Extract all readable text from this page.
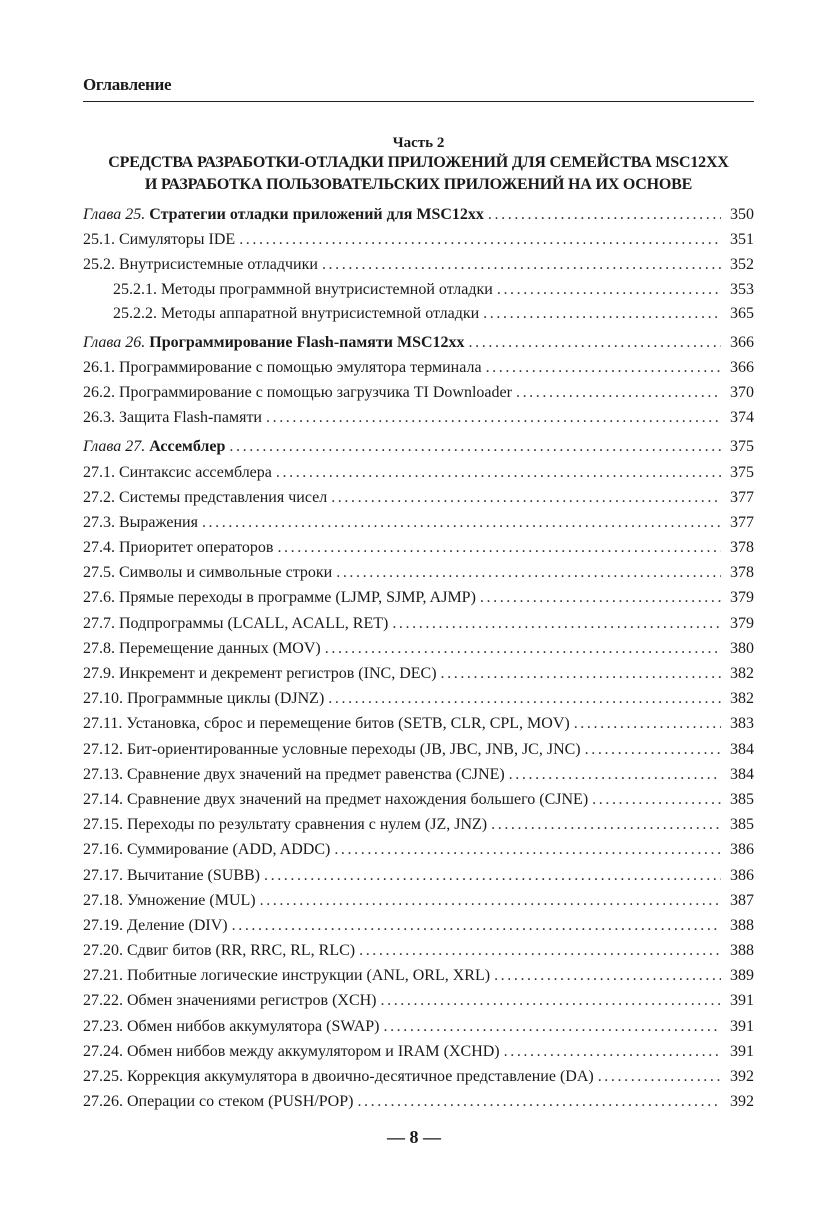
Оглавление
Часть 2
СРЕДСТВА РАЗРАБОТКИ-ОТЛАДКИ ПРИЛОЖЕНИЙ ДЛЯ СЕМЕЙСТВА MSC12XX
И РАЗРАБОТКА ПОЛЬЗОВАТЕЛЬСКИХ ПРИЛОЖЕНИЙ НА ИХ ОСНОВЕ
Глава 25. Стратегии отладки приложений для MSC12xx .....	350
25.1. Симуляторы IDE .....	351
25.2. Внутрисистемные отладчики .....	352
25.2.1. Методы программной внутрисистемной отладки .....	353
25.2.2. Методы аппаратной внутрисистемной отладки .....	365
Глава 26. Программирование Flash-памяти MSC12xx .....	366
26.1. Программирование с помощью эмулятора терминала .....	366
26.2. Программирование с помощью загрузчика TI Downloader .....	370
26.3. Защита Flash-памяти .....	374
Глава 27. Ассемблер .....	375
27.1. Синтаксис ассемблера .....	375
27.2. Системы представления чисел .....	377
27.3. Выражения .....	377
27.4. Приоритет операторов .....	378
27.5. Символы и символьные строки .....	378
27.6. Прямые переходы в программе (LJMP, SJMP, AJMP) .....	379
27.7. Подпрограммы (LCALL, ACALL, RET) .....	379
27.8. Перемещение данных (MOV) .....	380
27.9. Инкремент и декремент регистров (INC, DEC) .....	382
27.10. Программные циклы (DJNZ) .....	382
27.11. Установка, сброс и перемещение битов (SETB, CLR, CPL, MOV) .....	383
27.12. Бит-ориентированные условные переходы (JB, JBC, JNB, JC, JNC) .....	384
27.13. Сравнение двух значений на предмет равенства (CJNE) .....	384
27.14. Сравнение двух значений на предмет нахождения большего (CJNE) .....	385
27.15. Переходы по результату сравнения с нулем (JZ, JNZ) .....	385
27.16. Суммирование (ADD, ADDC) .....	386
27.17. Вычитание (SUBB) .....	386
27.18. Умножение (MUL) .....	387
27.19. Деление (DIV) .....	388
27.20. Сдвиг битов (RR, RRC, RL, RLC) .....	388
27.21. Побитные логические инструкции (ANL, ORL, XRL) .....	389
27.22. Обмен значениями регистров (XCH) .....	391
27.23. Обмен ниббов аккумулятора (SWAP) .....	391
27.24. Обмен ниббов между аккумулятором и IRAM (XCHD) .....	391
27.25. Коррекция аккумулятора в двоично-десятичное представление (DA) .....	392
27.26. Операции со стеком (PUSH/POP) .....	392
— 8 —
